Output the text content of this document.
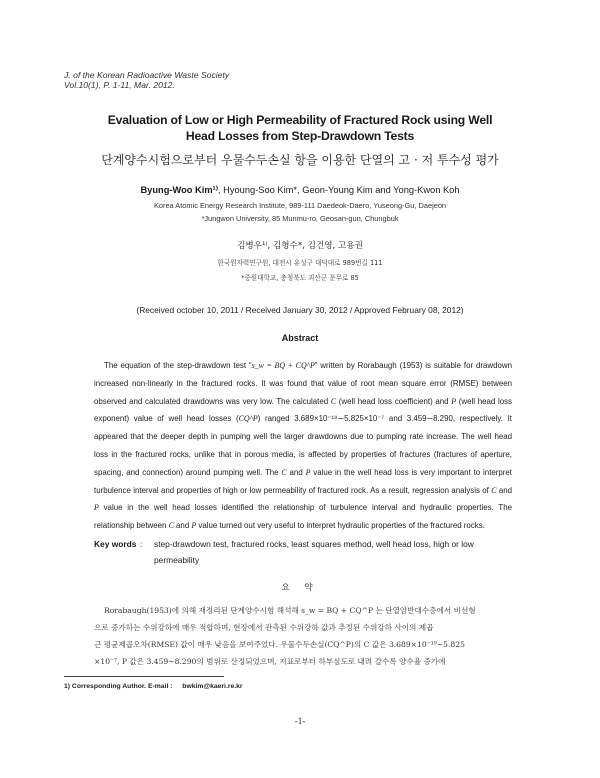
J. of the Korean Radioactive Waste Society
Vol.10(1), P. 1-11, Mar. 2012.
Evaluation of Low or High Permeability of Fractured Rock using Well
Head Losses from Step-Drawdown Tests
단계양수시험으로부터 우물수두손실 항을 이용한 단열의 고 · 저 투수성 평가
Byung-Woo Kim¹⁾, Hyoung-Soo Kim*, Geon-Young Kim and Yong-Kwon Koh
Korea Atomic Energy Research Institute, 989-111 Daedeok-Daero, Yuseong-Gu, Daejeon
*Jungwon University, 85 Munmu-ro, Geosan-gun, Chungbuk
김병우¹⁾, 김형수*, 김건영, 고용권
한국원자력연구원, 대전시 유성구 대덕대로 989번길 111
*중원대학교, 충청북도 괴산군 문무로 85
(Received october 10, 2011 / Received January 30, 2012 / Approved February 08, 2012)
Abstract
The equation of the step-drawdown test “s_w = BQ + CQ^P” written by Rorabaugh (1953) is suitable for drawdown increased non-linearly in the fractured rocks. It was found that value of root mean square error (RMSE) between observed and calculated drawdowns was very low. The calculated C (well head loss coefficient) and P (well head loss exponent) value of well head losses (CQ^P) ranged 3.689×10⁻¹⁹∼5.825×10⁻⁷ and 3.459∼8.290, respectively. It appeared that the deeper depth in pumping well the larger drawdowns due to pumping rate increase. The well head loss in the fractured rocks, unlike that in porous media, is affected by properties of fractures (fractures of aperture, spacing, and connection) around pumping well. The C and P value in the well head loss is very important to interpret turbulence interval and properties of high or low permeability of fractured rock. As a result, regression analysis of C and P value in the well head losses identified the relationship of turbulence interval and hydraulic properties. The relationship between C and P value turned out very useful to interpret hydraulic properties of the fractured rocks.
Key words : step-drawdown test, fractured rocks, least squares method, well head loss, high or low permeability
요 약
Rorabaugh(1953)에 의해 재정리된 단계양수시험 해석해 s_w = BQ + CQ^P 는 단열암반대수층에서 비선형
으로 증가하는 수위강하에 매우 적합하며, 현장에서 관측된 수위강하 값과 추정된 수위강하 사이의 제곱
근 평균제곱오차(RMSE) 값이 매우 낮음을 보여주었다. 우물수두손실(CQ^P)의 C 값은 3.689×10⁻¹⁹∼5.825
×10⁻⁷, P 값은 3.459∼8.290의 범위로 산정되었으며, 지표로부터 하부심도로 내려 갈수록 양수율 증가에
1) Corresponding Author. E-mail : bwkim@kaeri.re.kr
-1-
